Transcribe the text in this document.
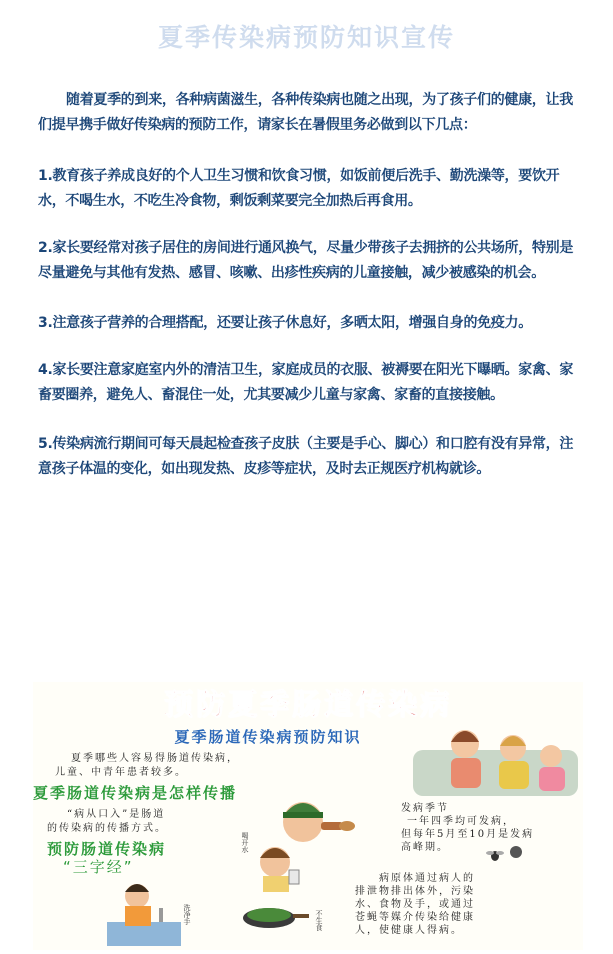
夏季传染病预防知识宣传

随着夏季的到来，各种病菌滋生，各种传染病也随之出现，为了孩子们的健康，让我们提早携手做好传染病的预防工作，请家长在暑假里务必做到以下几点：

1.教育孩子养成良好的个人卫生习惯和饮食习惯，如饭前便后洗手、勤洗澡等，要饮开水，不喝生水，不吃生冷食物，剩饭剩菜要完全加热后再食用。

2.家长要经常对孩子居住的房间进行通风换气，尽量少带孩子去拥挤的公共场所，特别是尽量避免与其他有发热、感冒、咳嗽、出疹性疾病的儿童接触，减少被感染的机会。

3.注意孩子营养的合理搭配，还要让孩子休息好，多晒太阳，增强自身的免疫力。

4.家长要注意家庭室内外的清洁卫生，家庭成员的衣服、被褥要在阳光下曝晒。家禽、家畜要圈养，避免人、畜混住一处，尤其要减少儿童与家禽、家畜的直接接触。

5.传染病流行期间可每天晨起检查孩子皮肤（主要是手心、脚心）和口腔有没有异常，注意孩子体温的变化，如出现发热、皮疹等症状，及时去正规医疗机构就诊。

预防夏季肠道传染病
夏季肠道传染病预防知识
夏季哪些人容易得肠道传染病，
儿童、中青年患者较多。
夏季肠道传染病是怎样传播
“病从口入”是肠道
的传染病的传播方式。
预防肠道传染病
“三字经”
发病季节
一年四季均可发病，
但每年5月至10月是发病
高峰期。
病原体通过病人的
排泄物排出体外，污染
水、食物及手，或通过
苍蝇等媒介传染给健康
人，使健康人得病。
喝开水
洗净手	不生食
